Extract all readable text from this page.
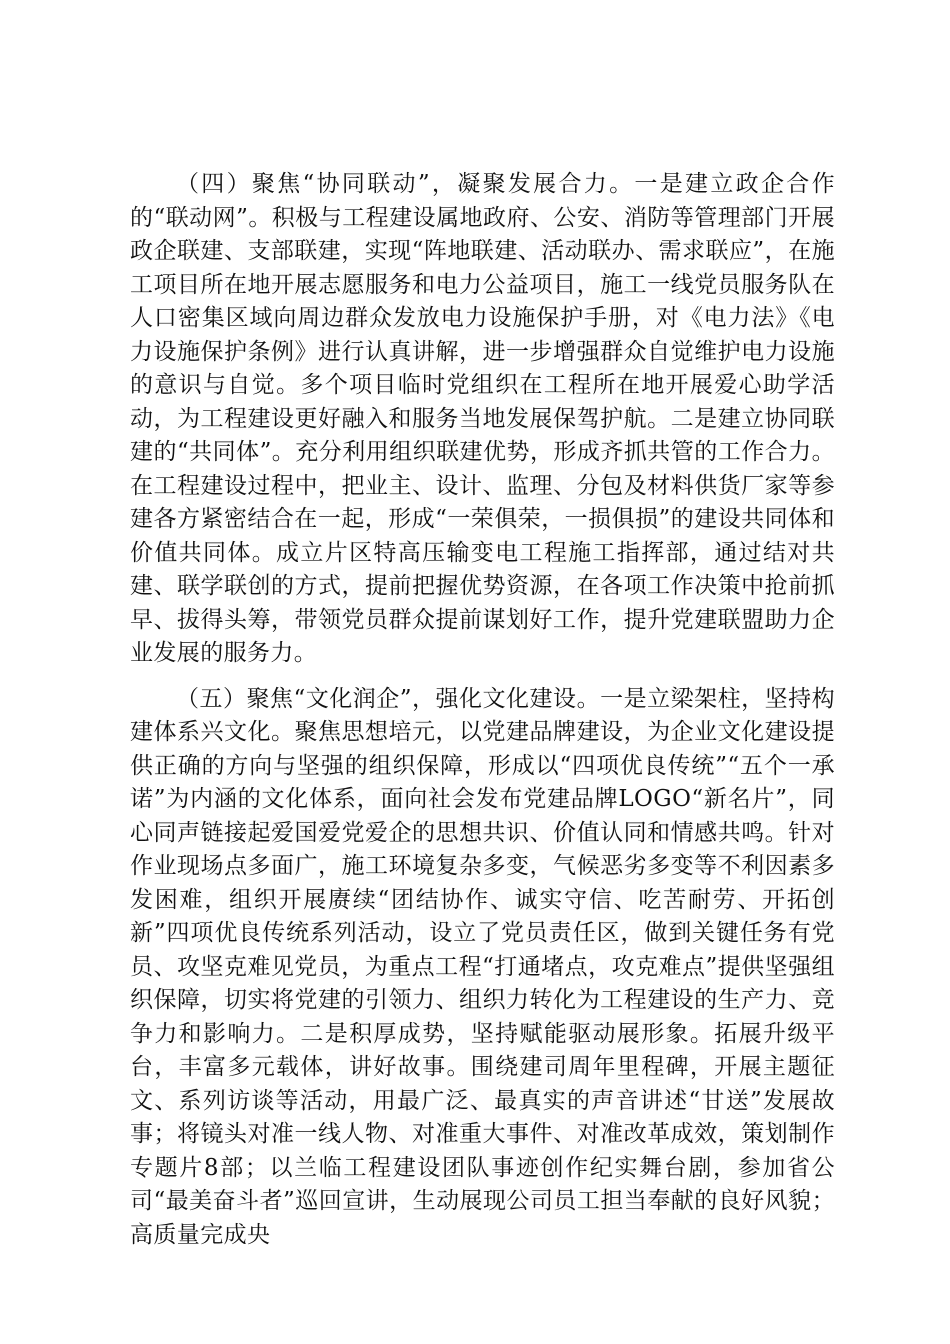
（四）聚焦“协同联动”，凝聚发展合力。一是建立政企合作的“联动网”。积极与工程建设属地政府、公安、消防等管理部门开展政企联建、支部联建，实现“阵地联建、活动联办、需求联应”，在施工项目所在地开展志愿服务和电力公益项目，施工一线党员服务队在人口密集区域向周边群众发放电力设施保护手册，对《电力法》《电力设施保护条例》进行认真讲解，进一步增强群众自觉维护电力设施的意识与自觉。多个项目临时党组织在工程所在地开展爱心助学活动，为工程建设更好融入和服务当地发展保驾护航。二是建立协同联建的“共同体”。充分利用组织联建优势，形成齐抓共管的工作合力。在工程建设过程中，把业主、设计、监理、分包及材料供货厂家等参建各方紧密结合在一起，形成“一荣俱荣，一损俱损”的建设共同体和价值共同体。成立片区特高压输变电工程施工指挥部，通过结对共建、联学联创的方式，提前把握优势资源，在各项工作决策中抢前抓早、拔得头筹，带领党员群众提前谋划好工作，提升党建联盟助力企业发展的服务力。

（五）聚焦“文化润企”，强化文化建设。一是立梁架柱，坚持构建体系兴文化。聚焦思想培元，以党建品牌建设，为企业文化建设提供正确的方向与坚强的组织保障，形成以“四项优良传统”“五个一承诺”为内涵的文化体系，面向社会发布党建品牌LOGO“新名片”，同心同声链接起爱国爱党爱企的思想共识、价值认同和情感共鸣。针对作业现场点多面广，施工环境复杂多变，气候恶劣多变等不利因素多发困难，组织开展赓续“团结协作、诚实守信、吃苦耐劳、开拓创新”四项优良传统系列活动，设立了党员责任区，做到关键任务有党员、攻坚克难见党员，为重点工程“打通堵点，攻克难点”提供坚强组织保障，切实将党建的引领力、组织力转化为工程建设的生产力、竞争力和影响力。二是积厚成势，坚持赋能驱动展形象。拓展升级平台，丰富多元载体，讲好故事。围绕建司周年里程碑，开展主题征文、系列访谈等活动，用最广泛、最真实的声音讲述“甘送”发展故事；将镜头对准一线人物、对准重大事件、对准改革成效，策划制作专题片8部；以兰临工程建设团队事迹创作纪实舞台剧，参加省公司“最美奋斗者”巡回宣讲，生动展现公司员工担当奉献的良好风貌；高质量完成央
